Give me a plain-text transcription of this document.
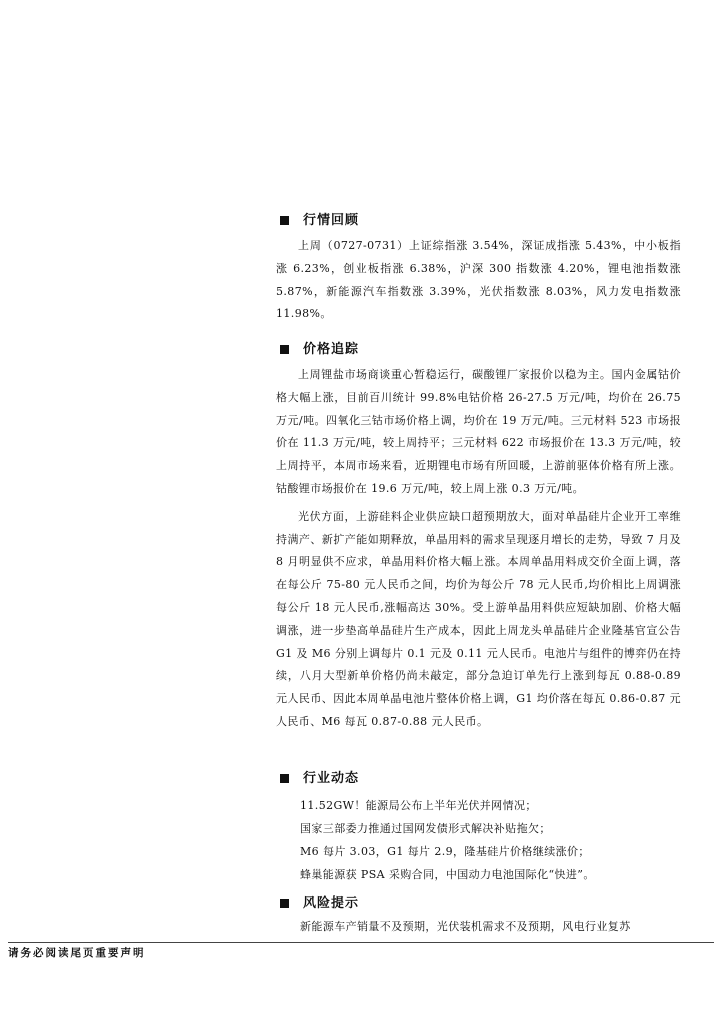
行情回顾

上周（0727-0731）上证综指涨 3.54%，深证成指涨 5.43%，中小板指涨 6.23%，创业板指涨 6.38%，沪深 300 指数涨 4.20%，锂电池指数涨 5.87%，新能源汽车指数涨 3.39%，光伏指数涨 8.03%，风力发电指数涨 11.98%。

价格追踪

上周锂盐市场商谈重心暂稳运行，碳酸锂厂家报价以稳为主。国内金属钴价格大幅上涨，目前百川统计 99.8%电钴价格 26-27.5 万元/吨，均价在 26.75 万元/吨。四氧化三钴市场价格上调，均价在 19 万元/吨。三元材料 523 市场报价在 11.3 万元/吨，较上周持平；三元材料 622 市场报价在 13.3 万元/吨，较上周持平，本周市场来看，近期锂电市场有所回暖，上游前驱体价格有所上涨。钴酸锂市场报价在 19.6 万元/吨，较上周上涨 0.3 万元/吨。

光伏方面，上游硅料企业供应缺口超预期放大，面对单晶硅片企业开工率维持满产、新扩产能如期释放，单晶用料的需求呈现逐月增长的走势，导致 7 月及 8 月明显供不应求，单晶用料价格大幅上涨。本周单晶用料成交价全面上调，落在每公斤 75-80 元人民币之间，均价为每公斤 78 元人民币,均价相比上周调涨每公斤 18 元人民币,涨幅高达 30%。受上游单晶用料供应短缺加剧、价格大幅调涨，进一步垫高单晶硅片生产成本，因此上周龙头单晶硅片企业隆基官宣公告 G1 及 M6 分别上调每片 0.1 元及 0.11 元人民币。电池片与组件的博弈仍在持续，八月大型新单价格仍尚未敲定，部分急迫订单先行上涨到每瓦 0.88-0.89 元人民币、因此本周单晶电池片整体价格上调，G1 均价落在每瓦 0.86-0.87 元人民币、M6 每瓦 0.87-0.88 元人民币。

行业动态
11.52GW！能源局公布上半年光伏并网情况；
国家三部委力推通过国网发债形式解决补贴拖欠；
M6 每片 3.03，G1 每片 2.9，隆基硅片价格继续涨价；
蜂巢能源获 PSA 采购合同，中国动力电池国际化“快进”。
风险提示
新能源车产销量不及预期，光伏装机需求不及预期，风电行业复苏
请务必阅读尾页重要声明
